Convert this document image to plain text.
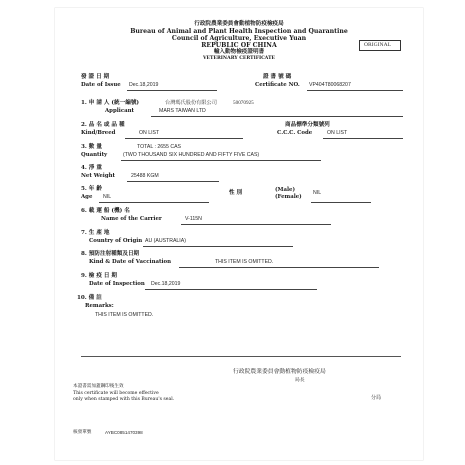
行政院農業委員會動植物防疫檢疫局
Bureau of Animal and Plant Health Inspection and Quarantine
Council of Agriculture, Executive Yuan
REPUBLIC OF CHINA
輸入動物檢疫證明書
VETERINARY CERTIFICATE
ORIGINAL
發 證 日 期
Date of Issue Dec.18,2019
證 書 號 碼
Certificate NO. VP404T80068207
1. 申 請 人 (統一編號)	台灣瑪氏股份有限公司	50070925
Applicant	MARS TAIWAN LTD
2. 品 名 或 品 種
Kind/Breed	ON LIST
商品標準分類號列
C.C.C. Code	ON LIST
3. 數 量	TOTAL : 2655 CAS
Quantity	(TWO THOUSAND SIX HUNDRED AND FIFTY FIVE CAS)
4. 淨 重
Net Weight	25488 KGM
5. 年 齡
Age NIL
性 別	(Male)
(Female)
NIL
6. 載 運 船 (機) 名
Name of the Carrier	V-115N
7. 生 產 地
Country of Origin AU (AUSTRALIA)
8. 預防注射種類及日期
Kind & Date of Vaccination	THIS ITEM IS OMITTED.
9. 檢 疫 日 期
Date of Inspection Dec.18,2019
10. 備 註
Remarks:
THIS ITEM IS OMITTED.
行政院農業委員會動植物防疫檢疫局
局長
分局
本證書需加蓋鋼印後生效
This certificate will become effective
only when stamped with this Bureau's seal.
核發單號	AYBC0851470398
